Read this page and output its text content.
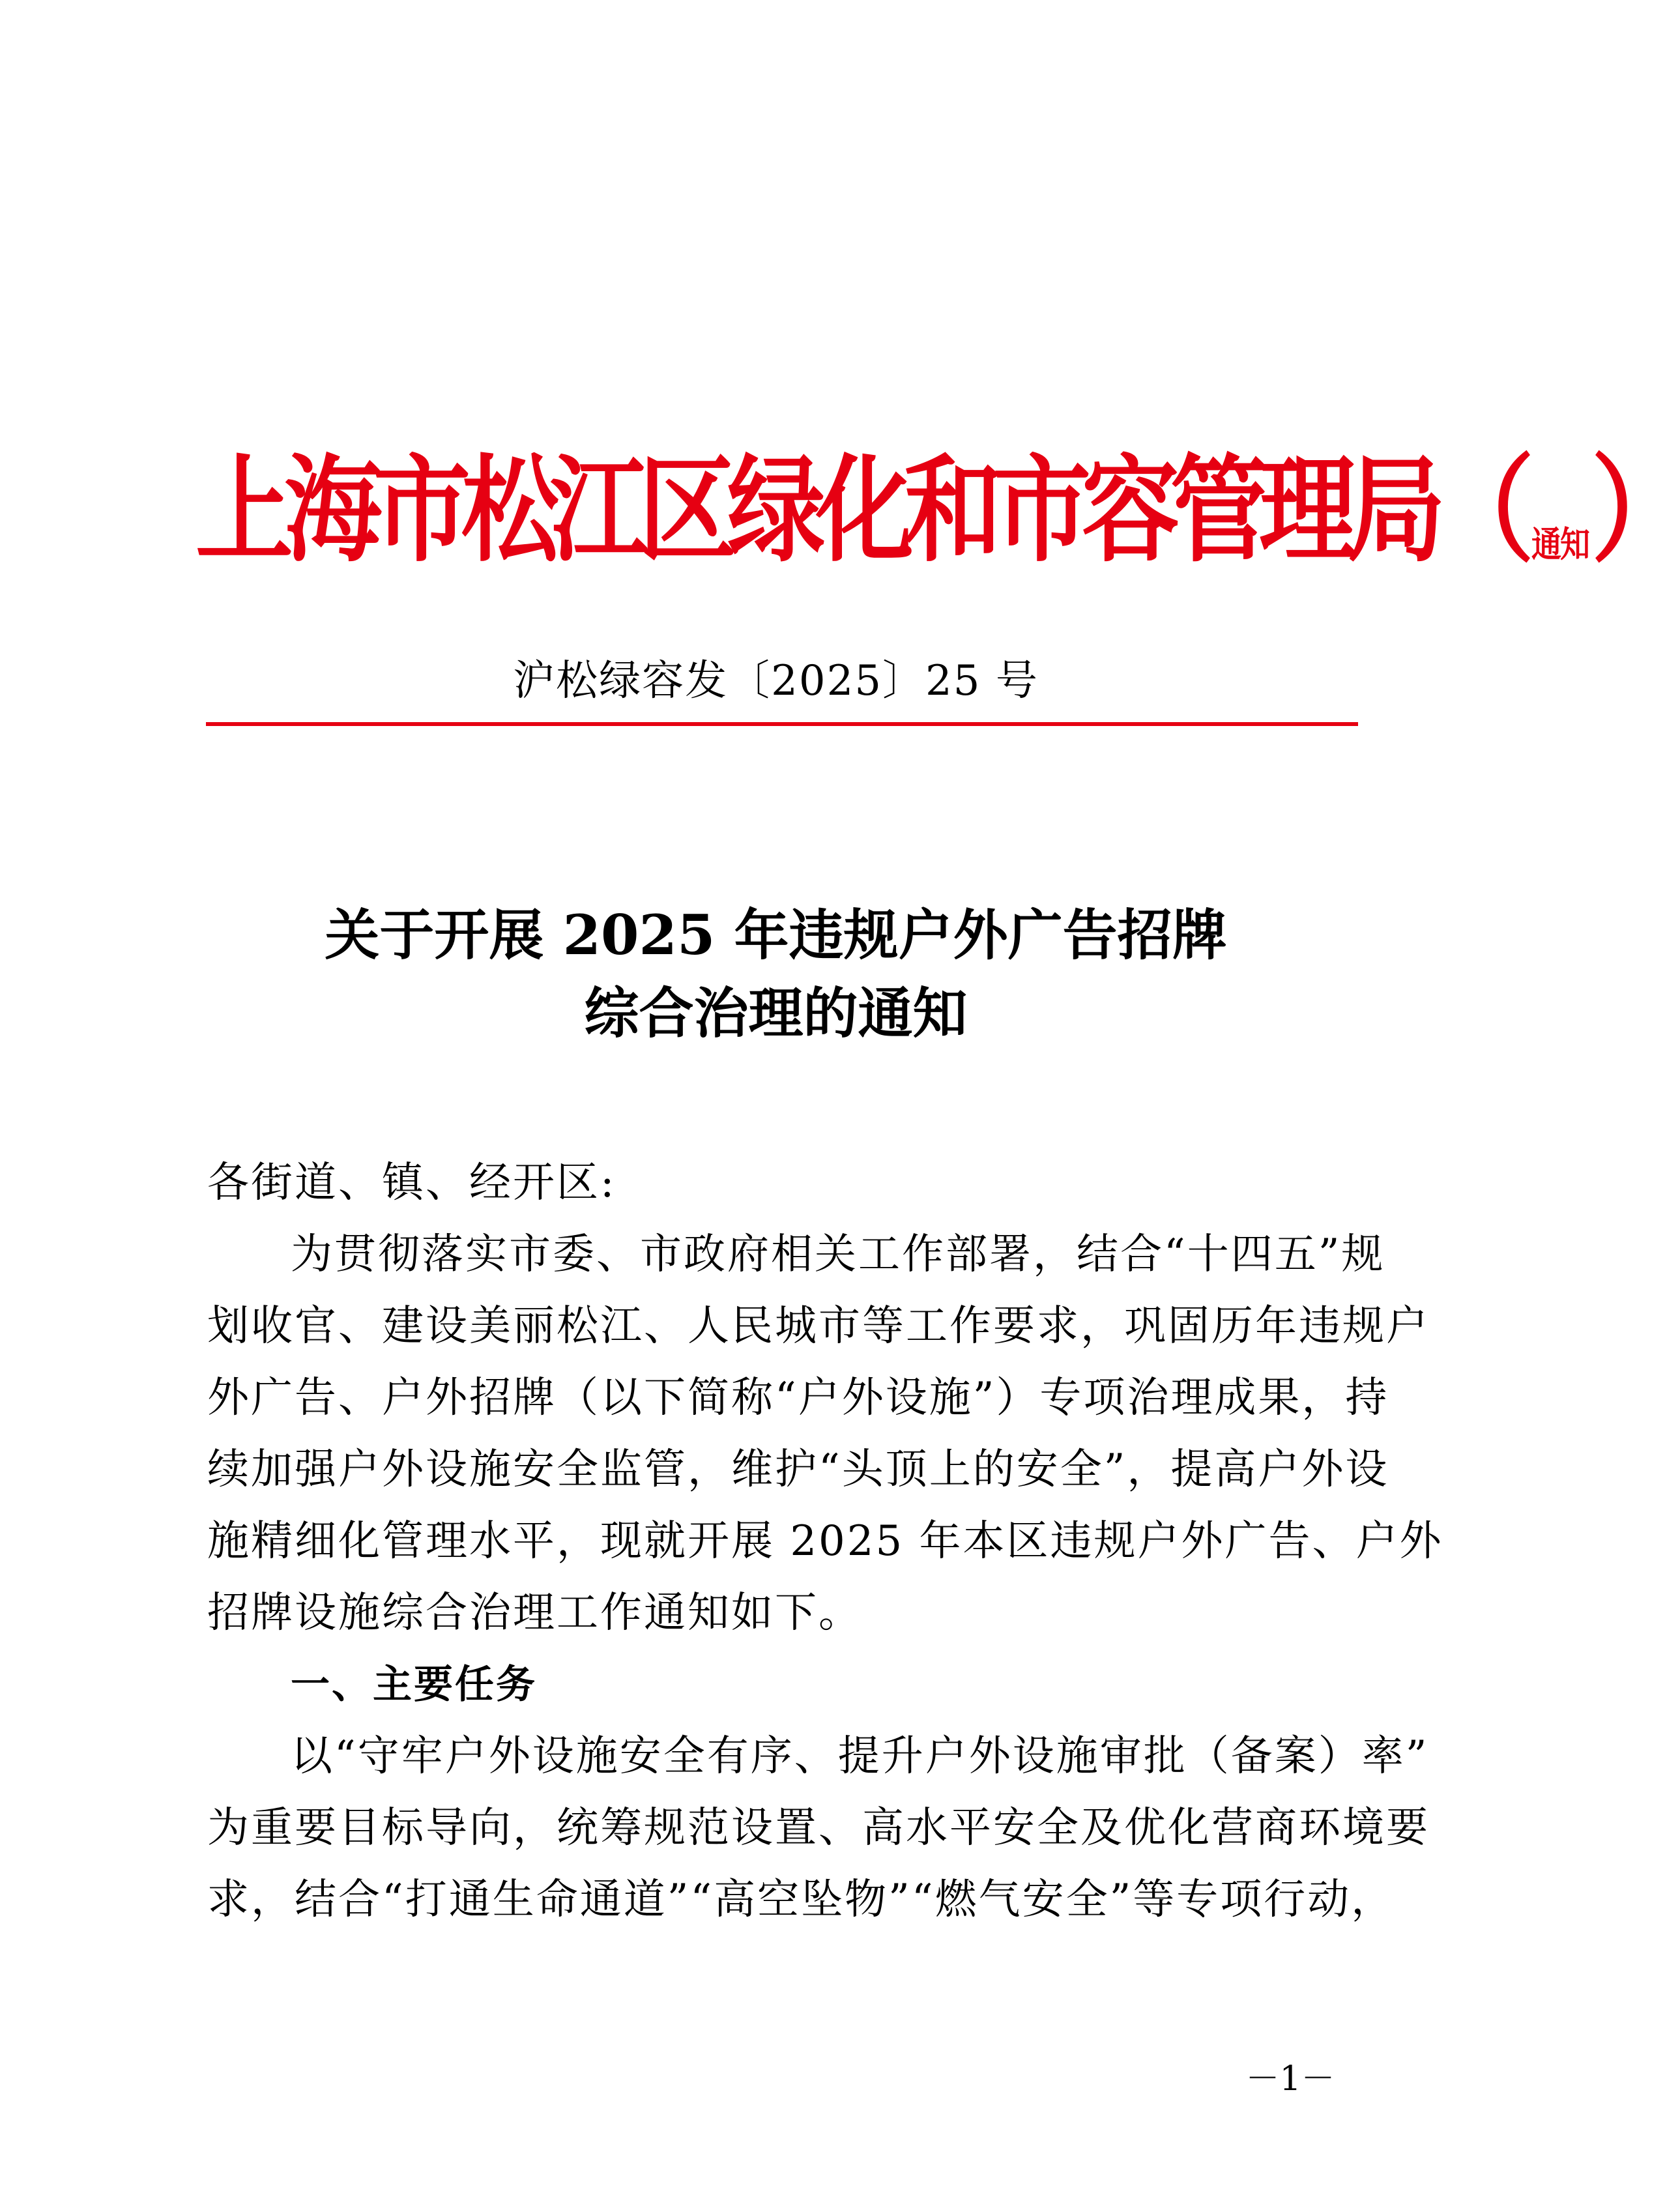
上海市松江区绿化和市容管理局（ 通知）
沪松绿容发〔2025〕25 号
关于开展 2025 年违规户外广告招牌
综合治理的通知
各街道、镇、经开区:
为贯彻落实市委、市政府相关工作部署，结合“十四五”规
划收官、建设美丽松江、人民城市等工作要求，巩固历年违规户
外广告、户外招牌（以下简称“户外设施”）专项治理成果，持
续加强户外设施安全监管，维护“头顶上的安全”，提高户外设
施精细化管理水平，现就开展 2025 年本区违规户外广告、户外
招牌设施综合治理工作通知如下。
一、主要任务
以“守牢户外设施安全有序、提升户外设施审批（备案）率”
为重要目标导向，统筹规范设置、高水平安全及优化营商环境要
求，结合“打通生命通道”“高空坠物”“燃气安全”等专项行动，
－1－
